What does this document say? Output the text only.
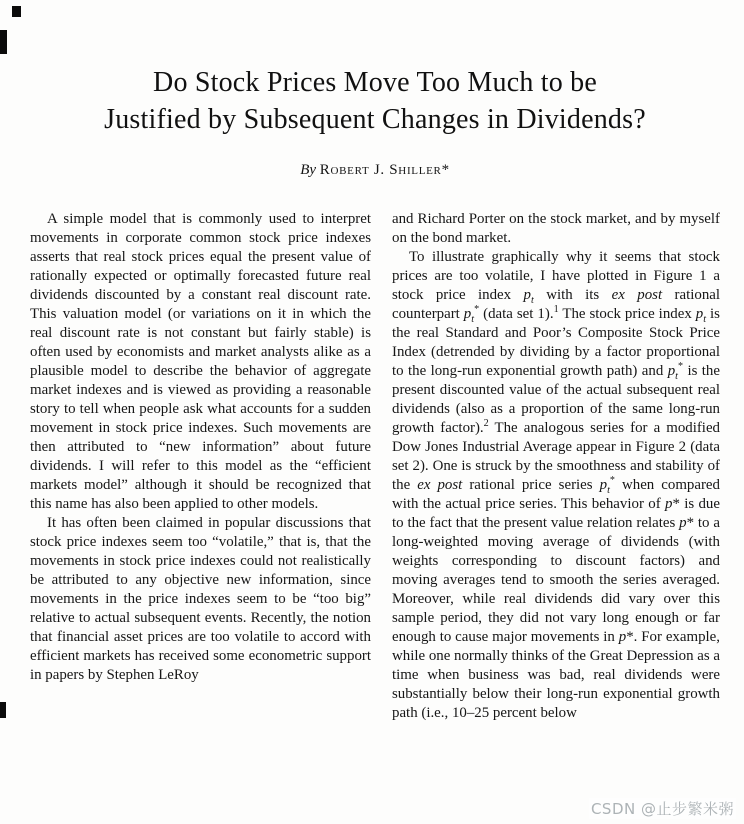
Do Stock Prices Move Too Much to be
Justified by Subsequent Changes in Dividends?
By Robert J. Shiller*

A simple model that is commonly used to interpret movements in corporate common stock price indexes asserts that real stock prices equal the present value of rationally expected or optimally forecasted future real dividends discounted by a constant real discount rate. This valuation model (or variations on it in which the real discount rate is not constant but fairly stable) is often used by economists and market analysts alike as a plausible model to describe the behavior of aggregate market indexes and is viewed as providing a reasonable story to tell when people ask what accounts for a sudden movement in stock price indexes. Such movements are then attributed to “new information” about future dividends. I will refer to this model as the “efficient markets model” although it should be recognized that this name has also been applied to other models.

It has often been claimed in popular discussions that stock price indexes seem too “volatile,” that is, that the movements in stock price indexes could not realistically be attributed to any objective new information, since movements in the price indexes seem to be “too big” relative to actual subsequent events. Recently, the notion that financial asset prices are too volatile to accord with efficient markets has received some econometric support in papers by Stephen LeRoy

and Richard Porter on the stock market, and by myself on the bond market.

To illustrate graphically why it seems that stock prices are too volatile, I have plotted in Figure 1 a stock price index $p_t$ with its ex post rational counterpart $p_t^*$ (data set 1).$^1$ The stock price index $p_t$ is the real Standard and Poor’s Composite Stock Price Index (detrended by dividing by a factor proportional to the long-run exponential growth path) and $p_t^*$ is the present discounted value of the actual subsequent real dividends (also as a proportion of the same long-run growth factor).$^2$ The analogous series for a modified Dow Jones Industrial Average appear in Figure 2 (data set 2). One is struck by the smoothness and stability of the ex post rational price series $p_t^*$ when compared with the actual price series. This behavior of p* is due to the fact that the present value relation relates p* to a long-weighted moving average of dividends (with weights corresponding to discount factors) and moving averages tend to smooth the series averaged. Moreover, while real dividends did vary over this sample period, they did not vary long enough or far enough to cause major movements in p*. For example, while one normally thinks of the Great Depression as a time when business was bad, real dividends were substantially below their long-run exponential growth path (i.e., 10–25 percent below

CSDN @止步繁米粥
